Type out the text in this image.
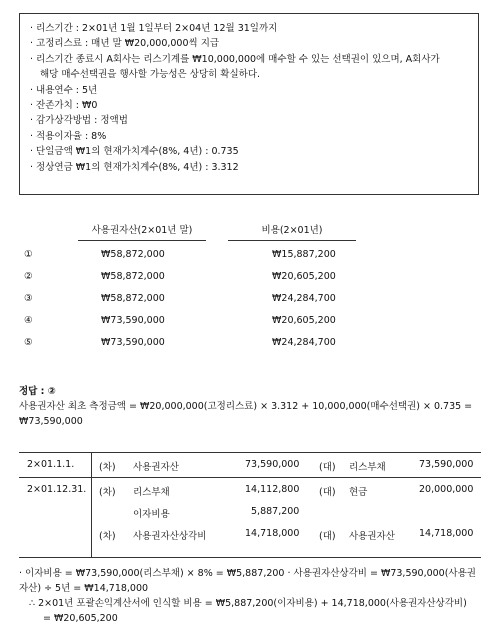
· 리스기간 : 2×01년 1월 1일부터 2×04년 12월 31일까지
· 고정리스료 : 매년 말 ₩20,000,000씩 지급
· 리스기간 종료시 A회사는 리스기계를 ₩10,000,000에 매수할 수 있는 선택권이 있으며, A회사가
해당 매수선택권을 행사할 가능성은 상당히 확실하다.
· 내용연수 : 5년
· 잔존가치 : ₩0
· 감가상각방법 : 정액법
· 적용이자율 : 8%
· 단일금액 ₩1의 현재가치계수(8%, 4년) : 0.735
· 정상연금 ₩1의 현재가치계수(8%, 4년) : 3.312
사용권자산(2×01년 말)	비용(2×01년)
①	₩58,872,000	₩15,887,200
②	₩58,872,000	₩20,605,200
③	₩58,872,000	₩24,284,700
④	₩73,590,000	₩20,605,200
⑤	₩73,590,000	₩24,284,700
정답 : ②
사용권자산 최초 측정금액 = ₩20,000,000(고정리스료) × 3.312 + 10,000,000(매수선택권) × 0.735 =
₩73,590,000
2×01.1.1.	(차) 사용권자산	73,590,000 (대) 리스부채	73,590,000
2×01.12.31. (차) 리스부채	14,112,800 (대) 현금	20,000,000
이자비용	5,887,200
(차) 사용권자산상각비	14,718,000 (대) 사용권자산	14,718,000
· 이자비용 = ₩73,590,000(리스부채) × 8% = ₩5,887,200 · 사용권자산상각비 = ₩73,590,000(사용권
자산) ÷ 5년 = ₩14,718,000
∴ 2×01년 포괄손익계산서에 인식할 비용 = ₩5,887,200(이자비용) + 14,718,000(사용권자산상각비)
= ₩20,605,200
